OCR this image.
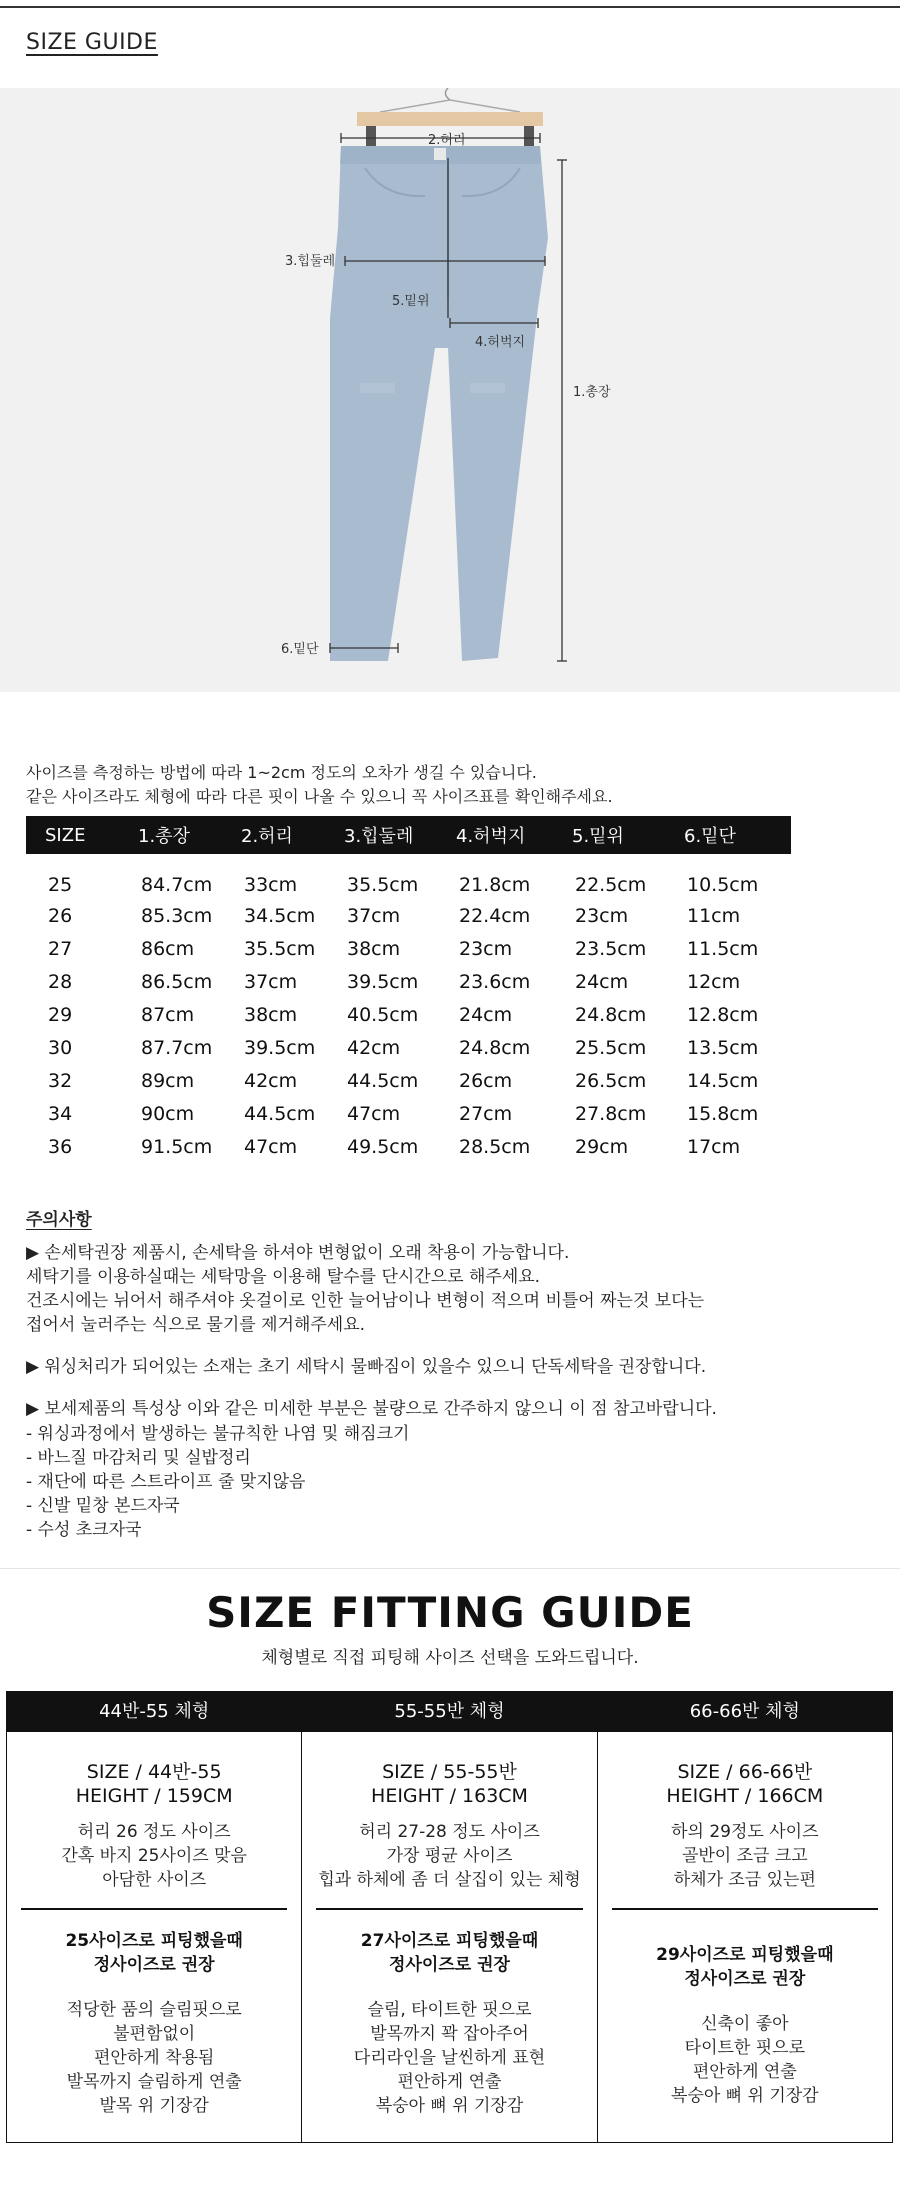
SIZE GUIDE
2.허리
3.힙둘레
5.밑위
4.허벅지
1.총장
6.밑단
사이즈를 측정하는 방법에 따라 1~2cm 정도의 오차가 생길 수 있습니다.
같은 사이즈라도 체형에 따라 다른 핏이 나올 수 있으니 꼭 사이즈표를 확인해주세요.
SIZE	1.총장	2.허리	3.힙둘레	4.허벅지	5.밑위	6.밑단
25	84.7cm	33cm	35.5cm	21.8cm	22.5cm	10.5cm
26	85.3cm	34.5cm	37cm	22.4cm	23cm	11cm
27	86cm	35.5cm	38cm	23cm	23.5cm	11.5cm
28	86.5cm	37cm	39.5cm	23.6cm	24cm	12cm
29	87cm	38cm	40.5cm	24cm	24.8cm	12.8cm
30	87.7cm	39.5cm	42cm	24.8cm	25.5cm	13.5cm
32	89cm	42cm	44.5cm	26cm	26.5cm	14.5cm
34	90cm	44.5cm	47cm	27cm	27.8cm	15.8cm
36	91.5cm	47cm	49.5cm	28.5cm	29cm	17cm
주의사항
▶ 손세탁권장 제품시, 손세탁을 하셔야 변형없이 오래 착용이 가능합니다.
세탁기를 이용하실때는 세탁망을 이용해 탈수를 단시간으로 해주세요.
건조시에는 뉘어서 해주셔야 옷걸이로 인한 늘어남이나 변형이 적으며 비틀어 짜는것 보다는
접어서 눌러주는 식으로 물기를 제거해주세요.
▶ 워싱처리가 되어있는 소재는 초기 세탁시 물빠짐이 있을수 있으니 단독세탁을 권장합니다.
▶ 보세제품의 특성상 이와 같은 미세한 부분은 불량으로 간주하지 않으니 이 점 참고바랍니다.
- 워싱과정에서 발생하는 불규칙한 나염 및 해짐크기
- 바느질 마감처리 및 실밥정리
- 재단에 따른 스트라이프 줄 맞지않음
- 신발 밑창 본드자국
- 수성 초크자국
SIZE FITTING GUIDE
체형별로 직접 피팅해 사이즈 선택을 도와드립니다.
44반-55 체형
SIZE / 44반-55
HEIGHT / 159CM
허리 26 정도 사이즈
간혹 바지 25사이즈 맞음
아담한 사이즈
25사이즈로 피팅했을때
정사이즈로 권장
적당한 품의 슬림핏으로
불편함없이
편안하게 착용됨
발목까지 슬림하게 연출
발목 위 기장감
55-55반 체형
SIZE / 55-55반
HEIGHT / 163CM
허리 27-28 정도 사이즈
가장 평균 사이즈
힙과 하체에 좀 더 살집이 있는 체형
27사이즈로 피팅했을때
정사이즈로 권장
슬림, 타이트한 핏으로
발목까지 꽉 잡아주어
다리라인을 날씬하게 표현
편안하게 연출
복숭아 뼈 위 기장감
66-66반 체형
SIZE / 66-66반
HEIGHT / 166CM
하의 29정도 사이즈
골반이 조금 크고
하체가 조금 있는편
29사이즈로 피팅했을때
정사이즈로 권장
신축이 좋아
타이트한 핏으로
편안하게 연출
복숭아 뼈 위 기장감
